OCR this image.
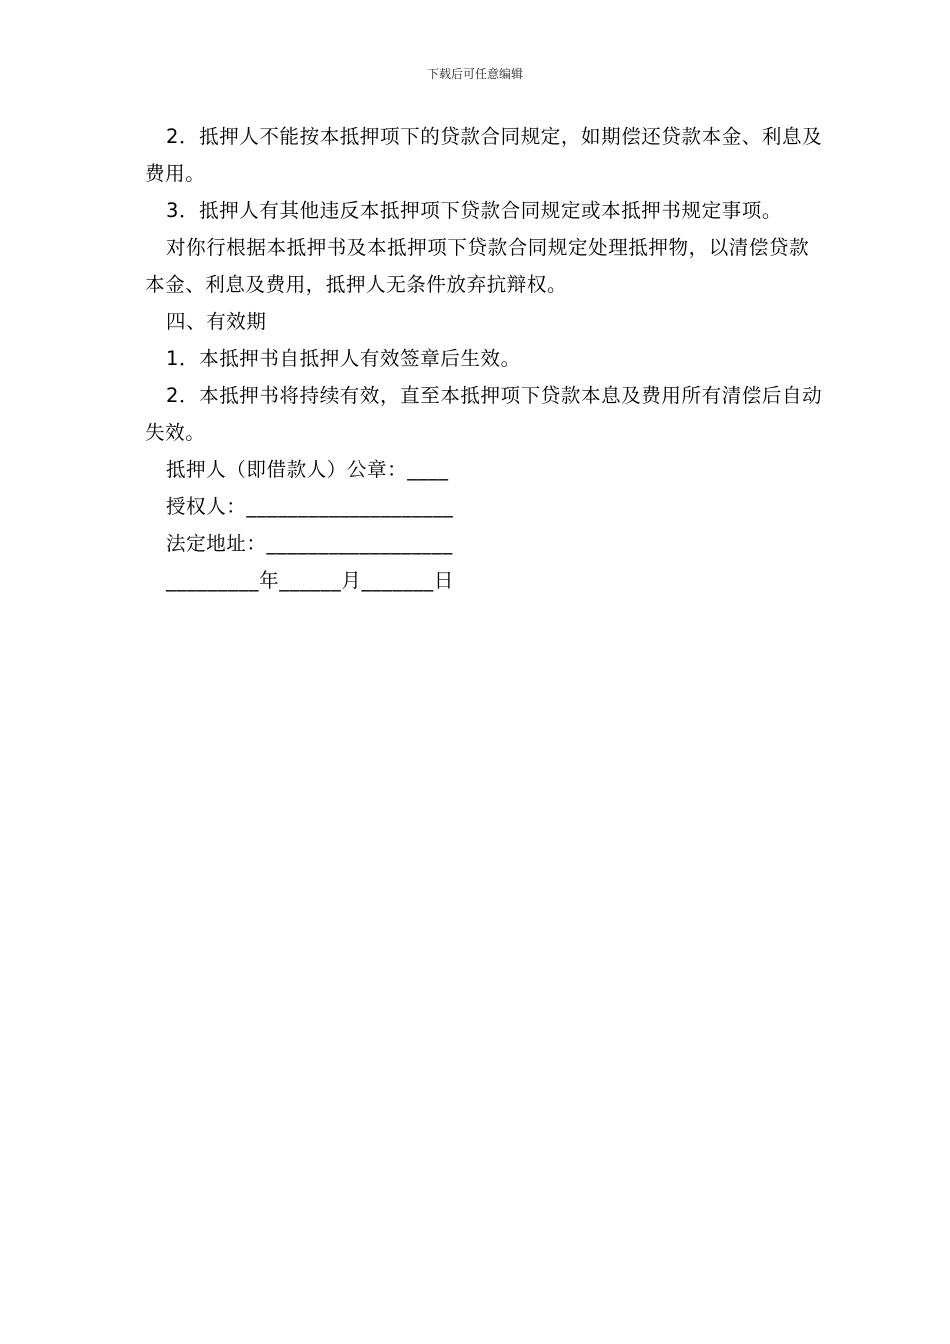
下载后可任意编辑

2．抵押人不能按本抵押项下的贷款合同规定，如期偿还贷款本金、利息及费用。

3．抵押人有其他违反本抵押项下贷款合同规定或本抵押书规定事项。

对你行根据本抵押书及本抵押项下贷款合同规定处理抵押物，以清偿贷款本金、利息及费用，抵押人无条件放弃抗辩权。

四、有效期

1．本抵押书自抵押人有效签章后生效。

2．本抵押书将持续有效，直至本抵押项下贷款本息及费用所有清偿后自动失效。

抵押人（即借款人）公章：____

授权人：____________________

法定地址：__________________

_________年______月_______日
